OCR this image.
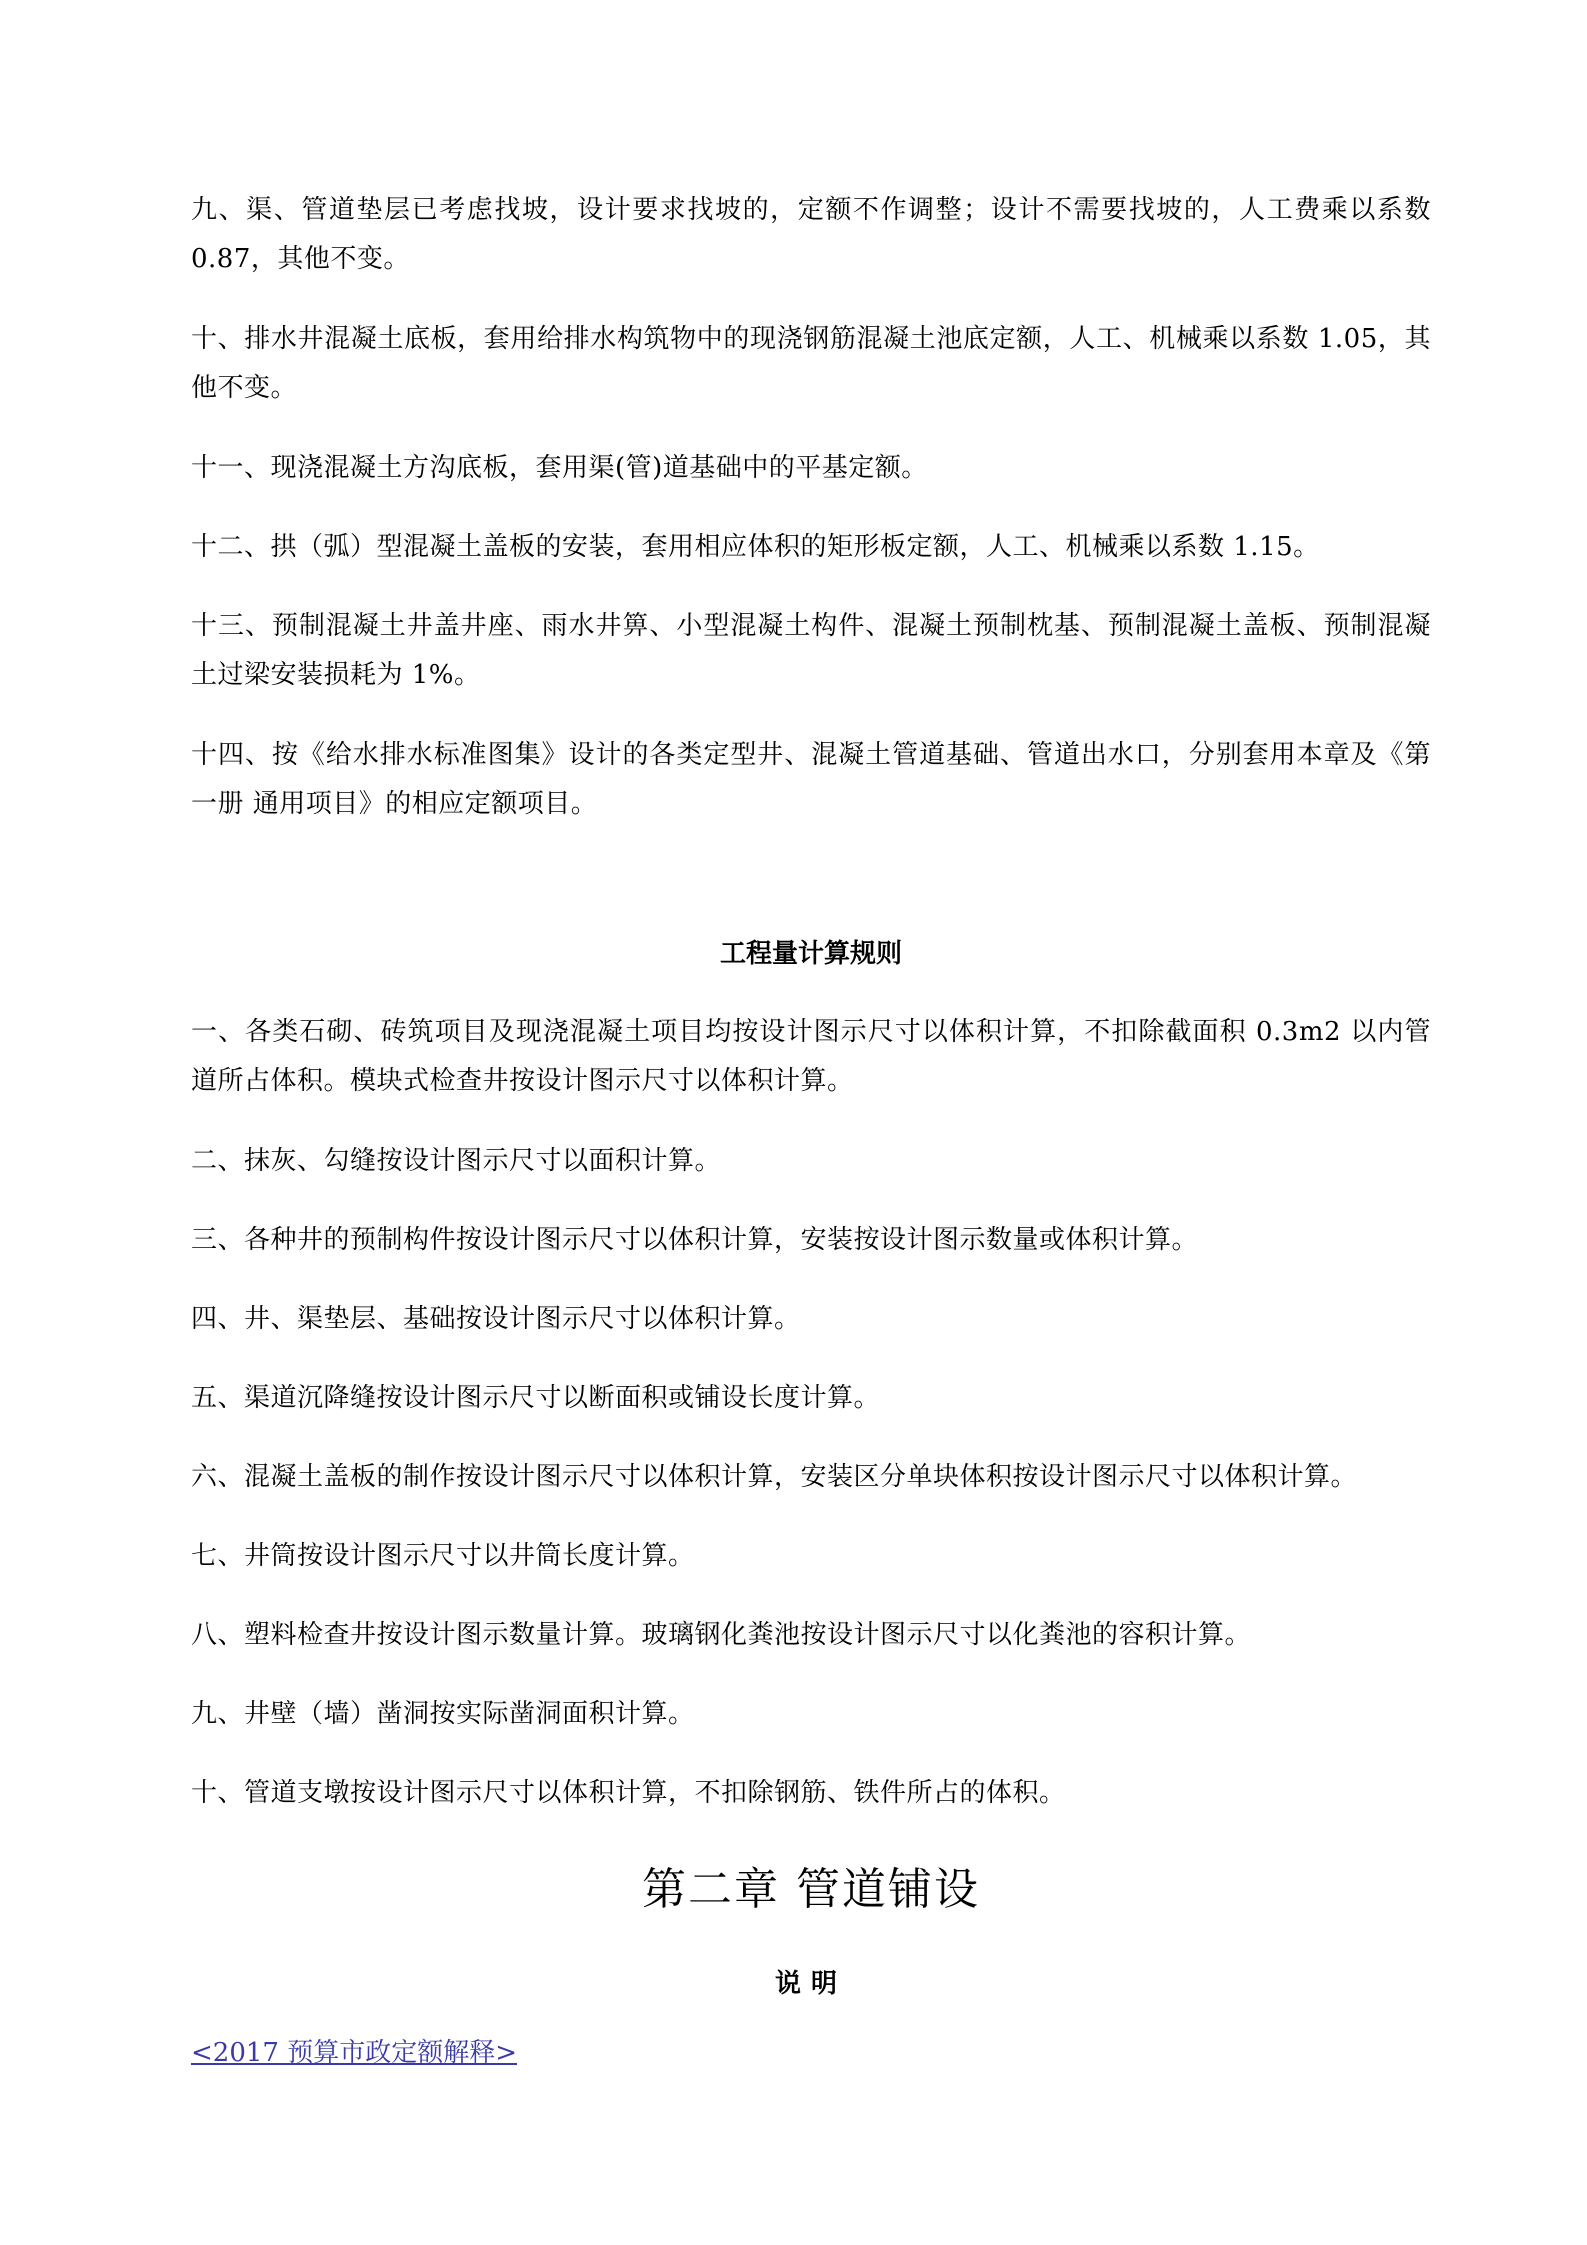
九、渠、管道垫层已考虑找坡，设计要求找坡的，定额不作调整；设计不需要找坡的，人工费乘以系数 0.87，其他不变。

十、排水井混凝土底板，套用给排水构筑物中的现浇钢筋混凝土池底定额，人工、机械乘以系数 1.05，其他不变。

十一、现浇混凝土方沟底板，套用渠(管)道基础中的平基定额。

十二、拱（弧）型混凝土盖板的安装，套用相应体积的矩形板定额，人工、机械乘以系数 1.15。

十三、预制混凝土井盖井座、雨水井箅、小型混凝土构件、混凝土预制枕基、预制混凝土盖板、预制混凝土过梁安装损耗为 1%。

十四、按《给水排水标准图集》设计的各类定型井、混凝土管道基础、管道出水口，分别套用本章及《第一册 通用项目》的相应定额项目。

工程量计算规则

一、各类石砌、砖筑项目及现浇混凝土项目均按设计图示尺寸以体积计算，不扣除截面积 0.3m2 以内管道所占体积。模块式检查井按设计图示尺寸以体积计算。

二、抹灰、勾缝按设计图示尺寸以面积计算。

三、各种井的预制构件按设计图示尺寸以体积计算，安装按设计图示数量或体积计算。

四、井、渠垫层、基础按设计图示尺寸以体积计算。

五、渠道沉降缝按设计图示尺寸以断面积或铺设长度计算。

六、混凝土盖板的制作按设计图示尺寸以体积计算，安装区分单块体积按设计图示尺寸以体积计算。

七、井筒按设计图示尺寸以井筒长度计算。

八、塑料检查井按设计图示数量计算。玻璃钢化粪池按设计图示尺寸以化粪池的容积计算。

九、井壁（墙）凿洞按实际凿洞面积计算。

十、管道支墩按设计图示尺寸以体积计算，不扣除钢筋、铁件所占的体积。

第二章 管道铺设
说明
<2017 预算市政定额解释>
